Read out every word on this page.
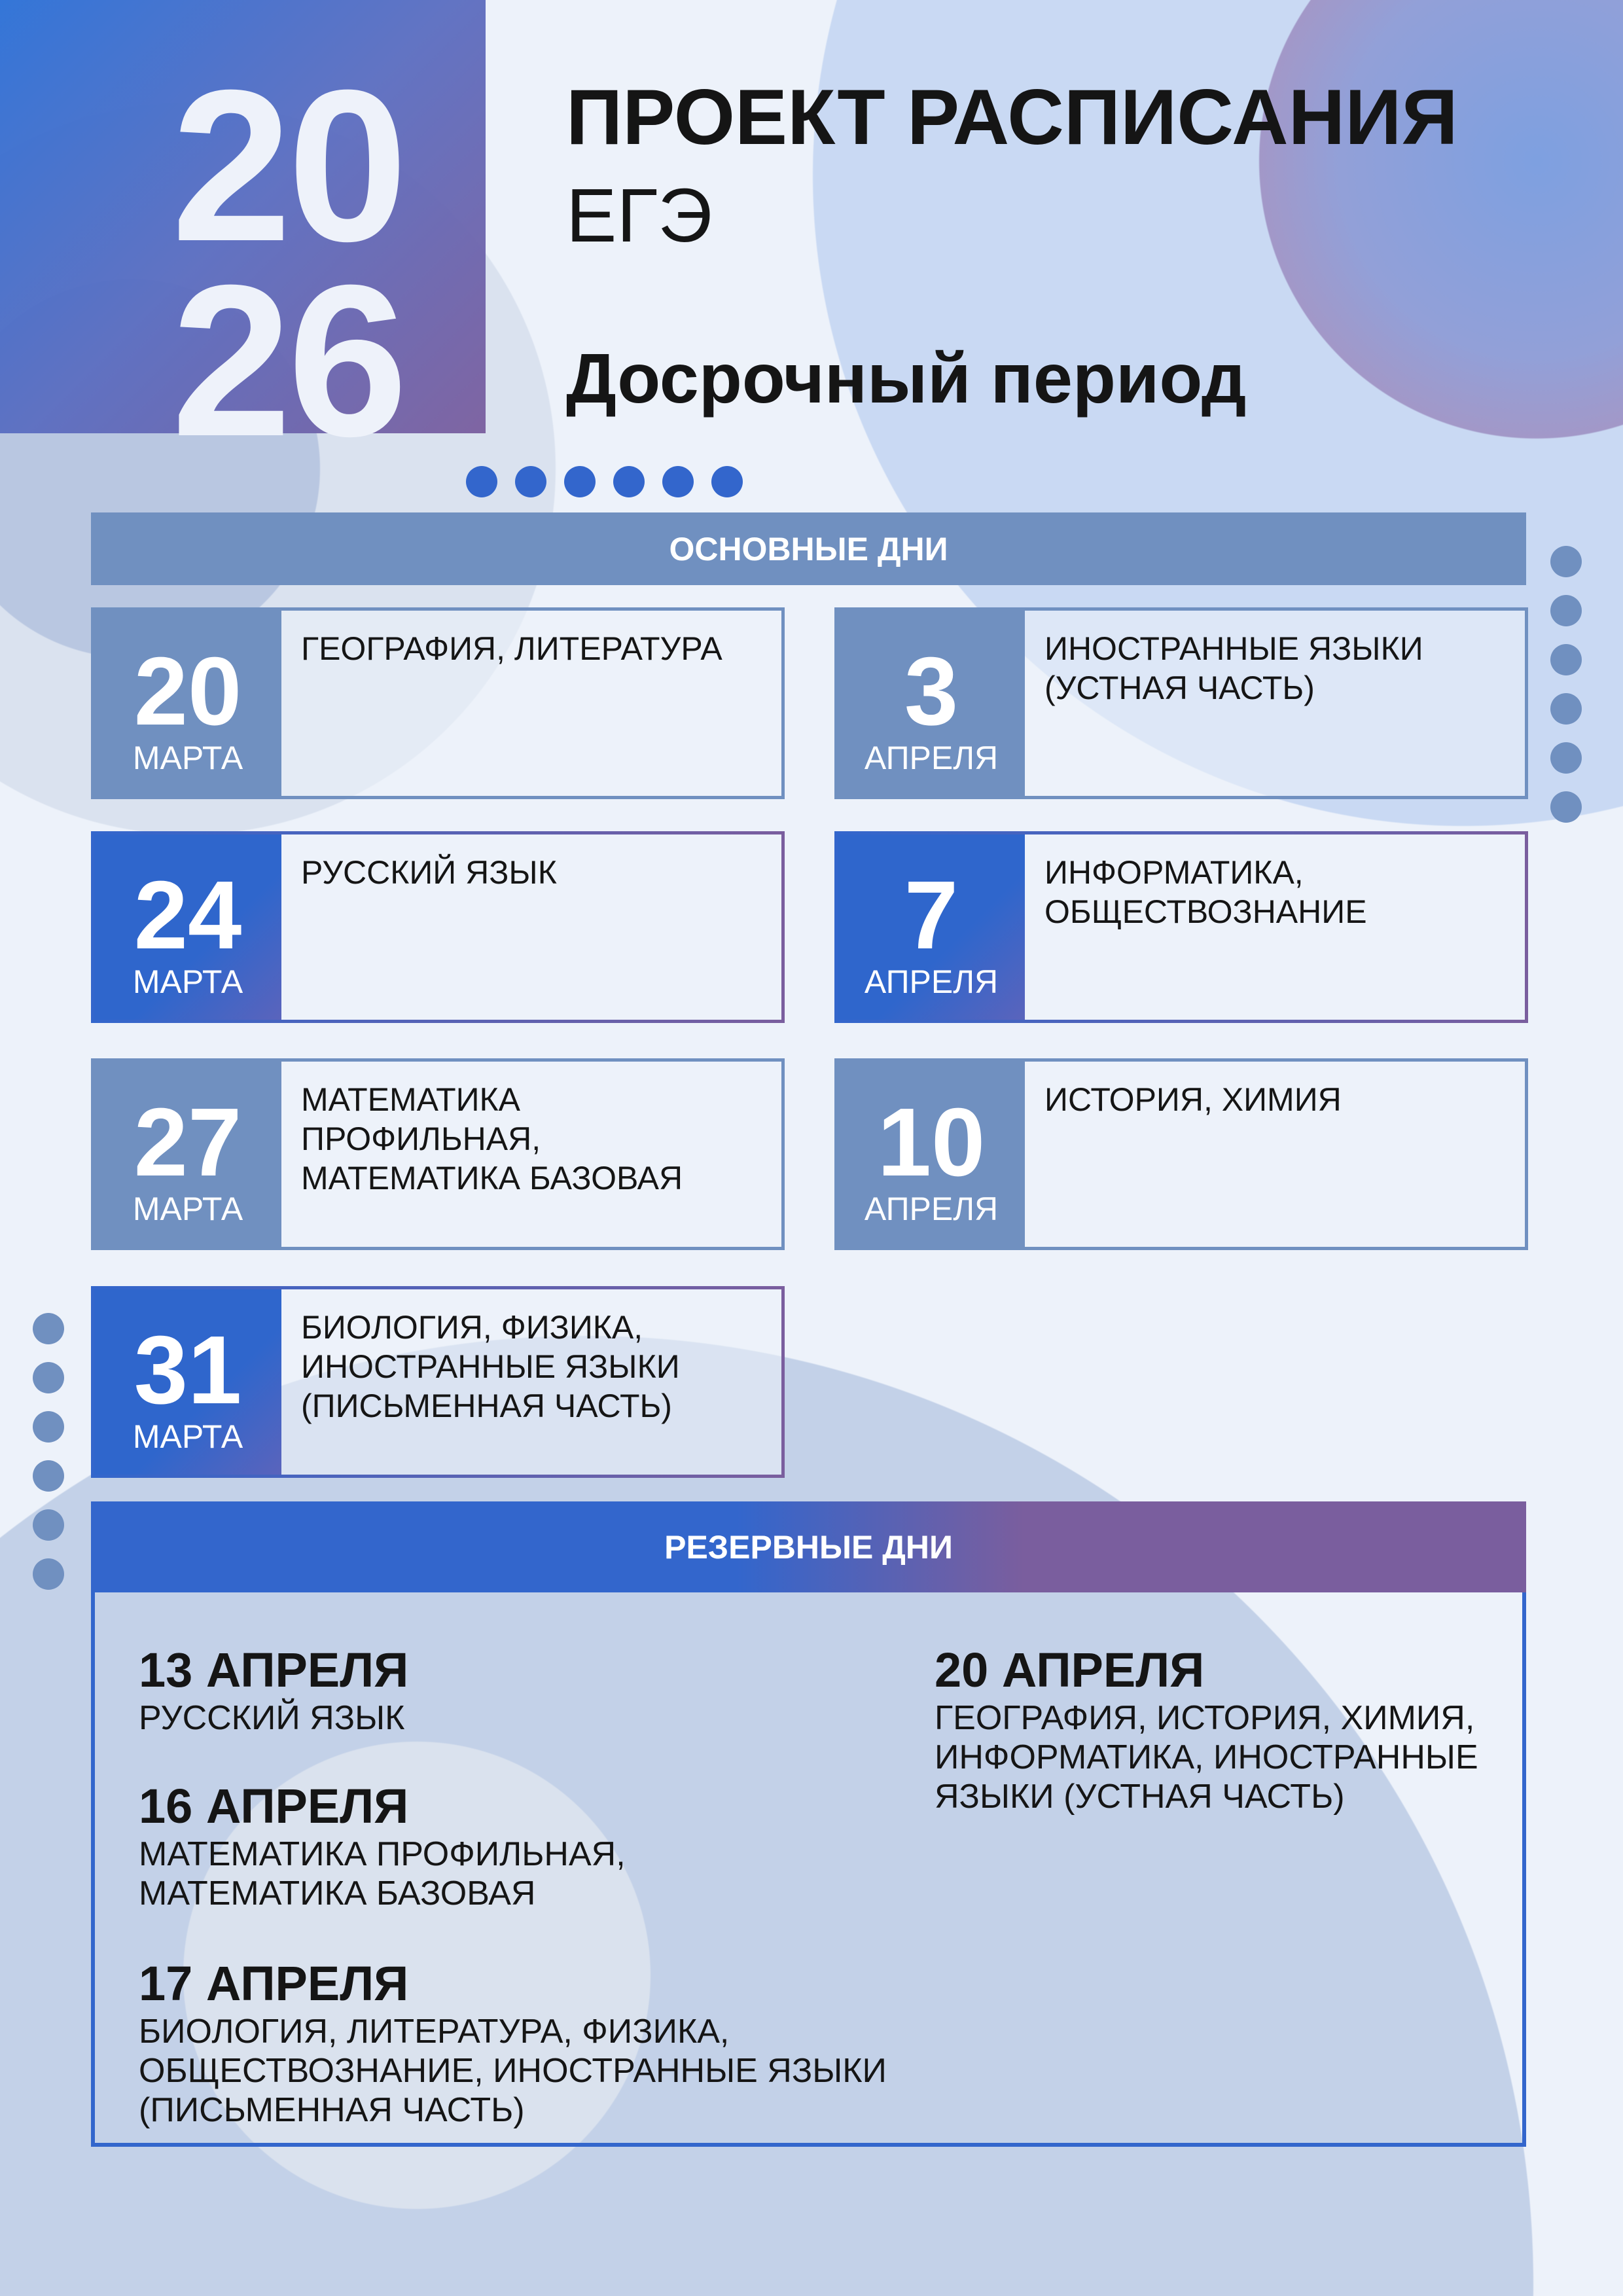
20
26
ПРОЕКТ РАСПИСАНИЯ
ЕГЭ
Досрочный период
ОСНОВНЫЕ ДНИ
20
МАРТА
ГЕОГРАФИЯ, ЛИТЕРАТУРА 3
АПРЕЛЯ
ИНОСТРАННЫЕ ЯЗЫКИ (УСТНАЯ ЧАСТЬ)
24
МАРТА
РУССКИЙ ЯЗЫК	7
АПРЕЛЯ
ИНФОРМАТИКА, ОБЩЕСТВОЗНАНИЕ
27
МАРТА
МАТЕМАТИКА ПРОФИЛЬНАЯ, МАТЕМАТИКА БАЗОВАЯ	10
АПРЕЛЯ
ИСТОРИЯ, ХИМИЯ
31
МАРТА
БИОЛОГИЯ, ФИЗИКА, ИНОСТРАННЫЕ ЯЗЫКИ (ПИСЬМЕННАЯ ЧАСТЬ)
РЕЗЕРВНЫЕ ДНИ
13 АПРЕЛЯ
РУССКИЙ ЯЗЫК
16 АПРЕЛЯ
МАТЕМАТИКА ПРОФИЛЬНАЯ, МАТЕМАТИКА БАЗОВАЯ
17 АПРЕЛЯ
БИОЛОГИЯ, ЛИТЕРАТУРА, ФИЗИКА, ОБЩЕСТВОЗНАНИЕ, ИНОСТРАННЫЕ ЯЗЫКИ (ПИСЬМЕННАЯ ЧАСТЬ)
20 АПРЕЛЯ
ГЕОГРАФИЯ, ИСТОРИЯ, ХИМИЯ, ИНФОРМАТИКА, ИНОСТРАННЫЕ ЯЗЫКИ (УСТНАЯ ЧАСТЬ)
